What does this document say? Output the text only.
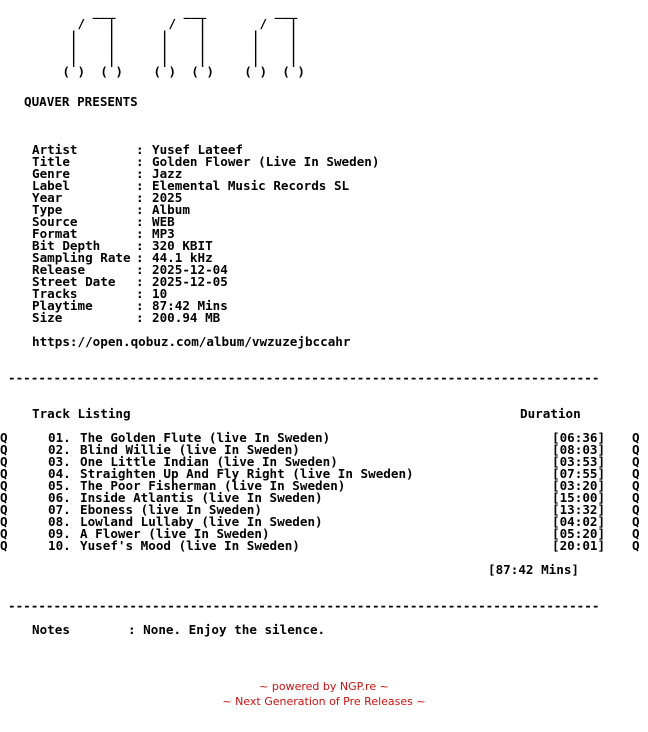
___         ___         ___
/   |       /   |       /   |
|    |      |    |      |    |
|    |      |    |      |    |
|    |      |    |      |    |
( )  ( )    ( )  ( )    ( )  ( )

QUAVER PRESENTS

Artist : Yusef Lateef
Title : Golden Flower (Live In Sweden)
Genre : Jazz
Label : Elemental Music Records SL
Year : 2025
Type : Album
Source : WEB
Format : MP3
Bit Depth : 320 KBIT
Sampling Rate : 44.1 kHz
Release : 2025-12-04
Street Date : 2025-12-05
Tracks : 10
Playtime : 87:42 Mins
Size : 200.94 MB

https://open.qobuz.com/album/vwzuzejbccahr

------------------------------------------------------------------------------

Track Listing

	Duration

Q	01. The Golden Flute (live In Sweden)	[06:36] Q
Q	02. Blind Willie (live In Sweden)	[08:03] Q
Q	03. One Little Indian (live In Sweden)	[03:53] Q
Q	04. Straighten Up And Fly Right (live In Sweden)	[07:55] Q
Q	05. The Poor Fisherman (live In Sweden)	[03:20] Q
Q	06. Inside Atlantis (live In Sweden)	[15:00] Q
Q	07. Eboness (live In Sweden)	[13:32] Q
Q	08. Lowland Lullaby (live In Sweden)	[04:02] Q
Q	09. A Flower (live In Sweden)	[05:20] Q
Q	10. Yusef's Mood (live In Sweden)	[20:01] Q

[87:42 Mins]

------------------------------------------------------------------------------

Notes

	: None. Enjoy the silence.

~ powered by NGP.re ~
~ Next Generation of Pre Releases ~
